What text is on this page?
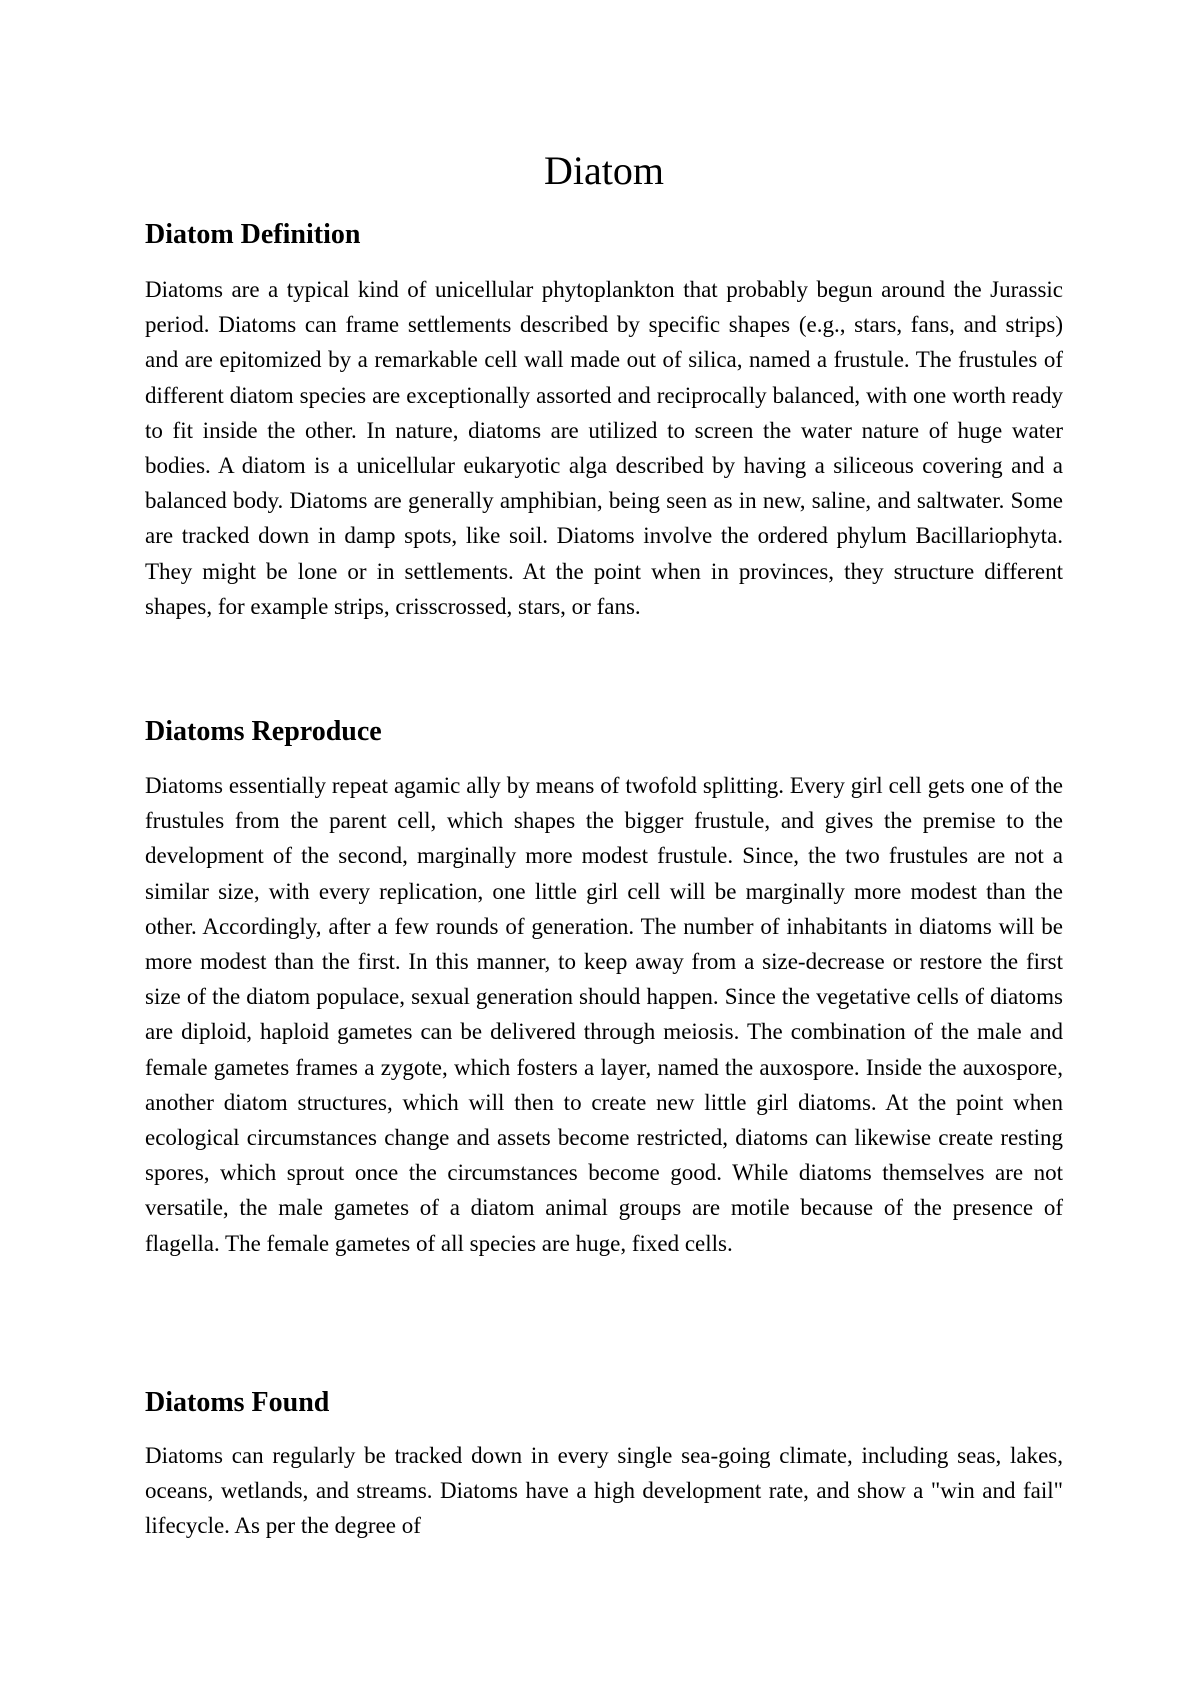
Diatom
Diatom Definition

Diatoms are a typical kind of unicellular phytoplankton that probably begun around the Jurassic period. Diatoms can frame settlements described by specific shapes (e.g., stars, fans, and strips) and are epitomized by a remarkable cell wall made out of silica, named a frustule. The frustules of different diatom species are exceptionally assorted and reciprocally balanced, with one worth ready to fit inside the other. In nature, diatoms are utilized to screen the water nature of huge water bodies. A diatom is a unicellular eukaryotic alga described by having a siliceous covering and a balanced body. Diatoms are generally amphibian, being seen as in new, saline, and saltwater. Some are tracked down in damp spots, like soil. Diatoms involve the ordered phylum Bacillariophyta. They might be lone or in settlements. At the point when in provinces, they structure different shapes, for example strips, crisscrossed, stars, or fans.

Diatoms Reproduce

Diatoms essentially repeat agamic ally by means of twofold splitting. Every girl cell gets one of the frustules from the parent cell, which shapes the bigger frustule, and gives the premise to the development of the second, marginally more modest frustule. Since, the two frustules are not a similar size, with every replication, one little girl cell will be marginally more modest than the other. Accordingly, after a few rounds of generation. The number of inhabitants in diatoms will be more modest than the first. In this manner, to keep away from a size-decrease or restore the first size of the diatom populace, sexual generation should happen. Since the vegetative cells of diatoms are diploid, haploid gametes can be delivered through meiosis. The combination of the male and female gametes frames a zygote, which fosters a layer, named the auxospore. Inside the auxospore, another diatom structures, which will then to create new little girl diatoms. At the point when ecological circumstances change and assets become restricted, diatoms can likewise create resting spores, which sprout once the circumstances become good. While diatoms themselves are not versatile, the male gametes of a diatom animal groups are motile because of the presence of flagella. The female gametes of all species are huge, fixed cells.

Diatoms Found

Diatoms can regularly be tracked down in every single sea-going climate, including seas, lakes, oceans, wetlands, and streams. Diatoms have a high development rate, and show a "win and fail" lifecycle. As per the degree of
